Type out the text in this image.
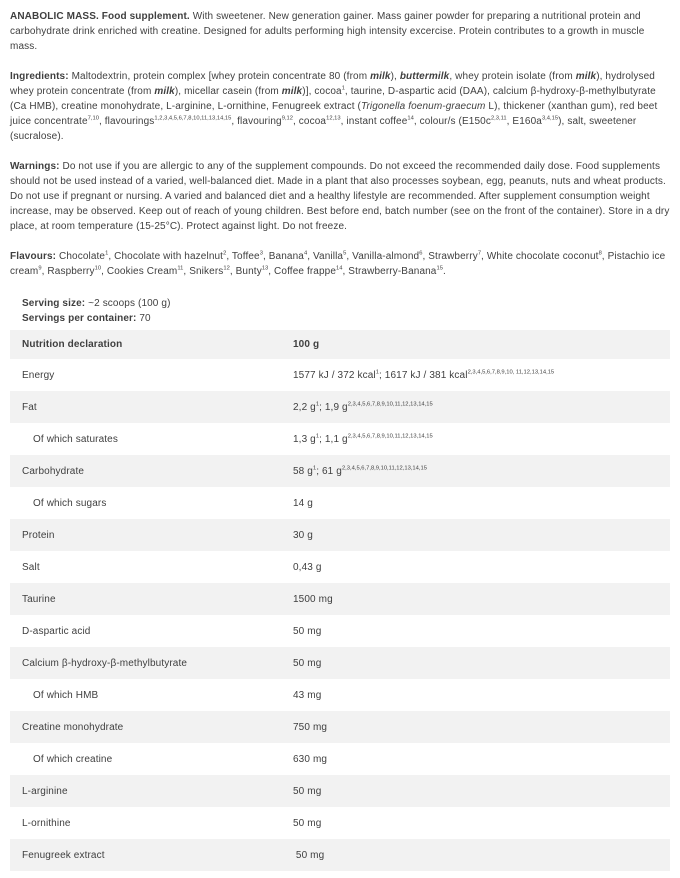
ANABOLIC MASS. Food supplement. With sweetener. New generation gainer. Mass gainer powder for preparing a nutritional protein and carbohydrate drink enriched with creatine. Designed for adults performing high intensity excercise. Protein contributes to a growth in muscle mass.

Ingredients: Maltodextrin, protein complex [whey protein concentrate 80 (from milk), buttermilk, whey protein isolate (from milk), hydrolysed whey protein concentrate (from milk), micellar casein (from milk)], cocoa$^1$, taurine, D-aspartic acid (DAA), calcium β-hydroxy-β-methylbutyrate (Ca HMB), creatine monohydrate, L-arginine, L-ornithine, Fenugreek extract (Trigonella foenum-graecum L), thickener (xanthan gum), red beet juice concentrate$^{7,10}$, flavourings$^{1,2,3,4,5,6,7,8,10,11,13,14,15}$, flavouring$^{9,12}$, cocoa$^{12,13}$, instant coffee$^{14}$, colour/s ($E150c^{2,3,11}$, $E160a^{3,4,15}$), salt, sweetener (sucralose).

Warnings: Do not use if you are allergic to any of the supplement compounds. Do not exceed the recommended daily dose. Food supplements should not be used instead of a varied, well-balanced diet. Made in a plant that also processes soybean, egg, peanuts, nuts and wheat products. Do not use if pregnant or nursing. A varied and balanced diet and a healthy lifestyle are recommended. After supplement consumption weight increase, may be observed. Keep out of reach of young children. Best before end, batch number (see on the front of the container). Store in a dry place, at room temperature (15-25°C). Protect against light. Do not freeze.

Flavours: Chocolate$^1$, Chocolate with hazelnut$^2$, Toffee$^3$, Banana$^4$, Vanilla$^5$, Vanilla-almond$^6$, Strawberry$^7$, White chocolate coconut$^8$, Pistachio ice cream$^9$, Raspberry$^{10}$, Cookies Cream$^{11}$, Snikers$^{12}$, Bunty$^{13}$, Coffee frappe$^{14}$, Strawberry-Banana$^{15}$.

Serving size: ~2 scoops (100 g)
Servings per container: 70
Nutrition declaration	100 g
Energy	1577 kJ / 372 kcal$^1$; 1617 kJ / 381 kcal$^{2,3,4,5,6,7,8,9,10, 11,12,13,14,15}$
Fat	2,2 $g^1$; 1,9 $g^{2,3,4,5,6,7,8,9,10,11,12,13,14,15}$
Of which saturates	1,3 $g^1$; 1,1 $g^{2,3,4,5,6,7,8,9,10,11,12,13,14,15}$
Carbohydrate	58 $g^1$; 61 $g^{2,3,4,5,6,7,8,9,10,11,12,13,14,15}$
Of which sugars	14 g
Protein	30 g
Salt	0,43 g
Taurine	1500 mg
D-aspartic acid	50 mg
Calcium β-hydroxy-β-methylbutyrate	50 mg
Of which HMB	43 mg
Creatine monohydrate	750 mg
Of which creatine	630 mg
L-arginine	50 mg
L-ornithine	50 mg
Fenugreek extract	50 mg
